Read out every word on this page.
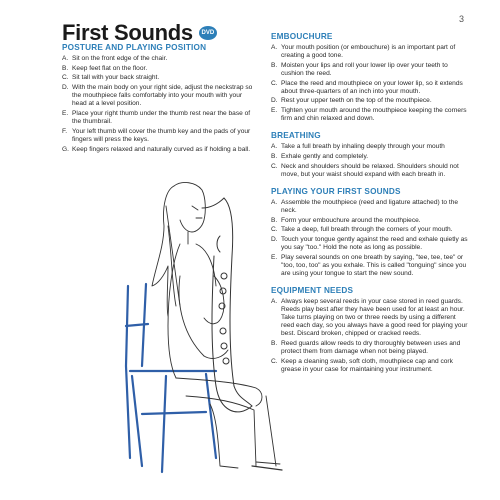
3
First Sounds	DVD
POSTURE AND PLAYING POSITION
A. Sit on the front edge of the chair.
B. Keep feet flat on the floor.
C. Sit tall with your back straight.
D. With the main body on your right side, adjust the neckstrap so the mouthpiece falls comfortably into your mouth with your head at a level position.
E. Place your right thumb under the thumb rest near the base of the thumbrail.
F. Your left thumb will cover the thumb key and the pads of your fingers will press the keys.
G. Keep fingers relaxed and naturally curved as if holding a ball.
EMBOUCHURE
A. Your mouth position (or embouchure) is an important part of creating a good tone.
B. Moisten your lips and roll your lower lip over your teeth to cushion the reed.
C. Place the reed and mouthpiece on your lower lip, so it extends about three-quarters of an inch into your mouth.
D. Rest your upper teeth on the top of the mouthpiece.
E. Tighten your mouth around the mouthpiece keeping the corners firm and chin relaxed and down.
BREATHING
A. Take a full breath by inhaling deeply through your mouth
B. Exhale gently and completely.
C. Neck and shoulders should be relaxed. Shoulders should not move, but your waist should expand with each breath in.
PLAYING YOUR FIRST SOUNDS
A. Assemble the mouthpiece (reed and ligature attached) to the neck.
B. Form your embouchure around the mouthpiece.
C. Take a deep, full breath through the corners of your mouth.
D. Touch your tongue gently against the reed and exhale quietly as you say "too." Hold the note as long as possible.
E. Play several sounds on one breath by saying, "tee, tee, tee" or "too, too, too" as you exhale. This is called "tonguing" since you are using your tongue to start the new sound.
EQUIPMENT NEEDS
A. Always keep several reeds in your case stored in reed guards. Reeds play best after they have been used for at least an hour. Take turns playing on two or three reeds by using a different reed each day, so you always have a good reed for playing your best. Discard broken, chipped or cracked reeds.
B. Reed guards allow reeds to dry thoroughly between uses and protect them from damage when not being played.
C. Keep a cleaning swab, soft cloth, mouthpiece cap and cork grease in your case for maintaining your instrument.
